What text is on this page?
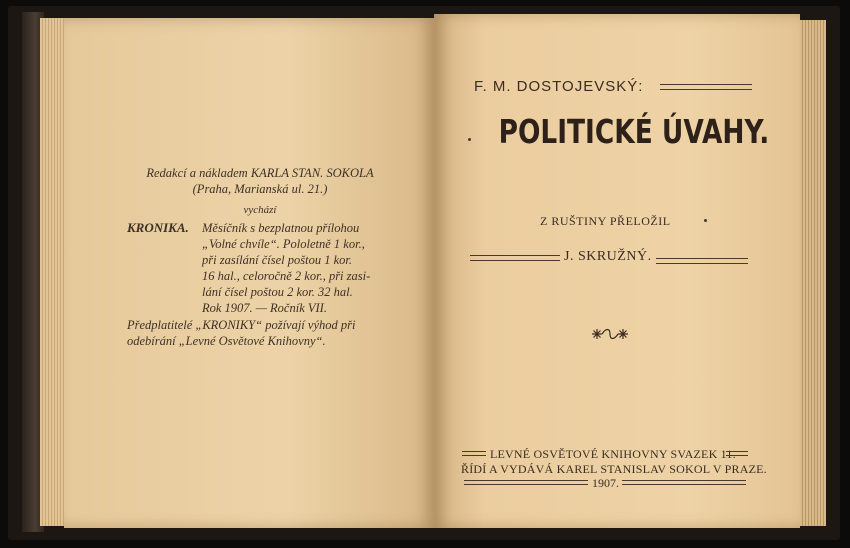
Redakcí a nákladem KARLA STAN. SOKOLA
(Praha, Marianská ul. 21.)
vychází
KRONIKA. Měsíčník s bezplatnou přílohou
„Volné chvíle“. Pololetně 1 kor.,
při zasílání čísel poštou 1 kor.
16 hal., celoročně 2 kor., při zasi-
lání čísel poštou 2 kor. 32 hal.
Rok 1907. — Ročník VII.
Předplatitelé „KRONIKY“ požívají výhod při
odebírání „Levné Osvětové Knihovny“.
F. M. DOSTOJEVSKÝ:
POLITICKÉ ÚVAHY.
Z RUŠTINY PŘELOŽIL
J. SKRUŽNÝ.
LEVNÉ OSVĚTOVÉ KNIHOVNY SVAZEK 11.
ŘÍDÍ A VYDÁVÁ KAREL STANISLAV SOKOL V PRAZE.
1907.
